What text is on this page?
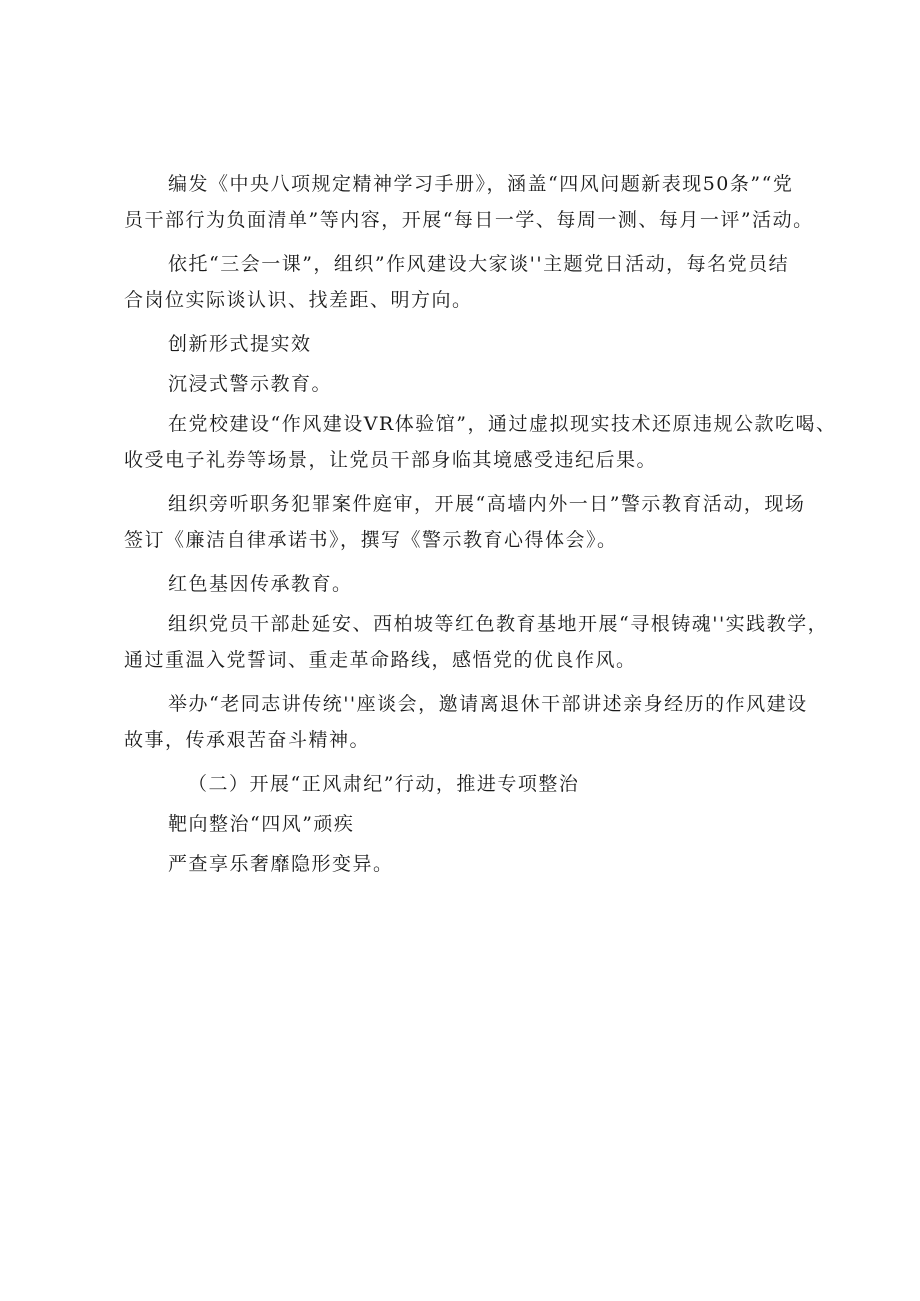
编发《中央八项规定精神学习手册》，涵盖“四风问题新表现50条”“党
员干部行为负面清单”等内容，开展“每日一学、每周一测、每月一评”活动。

依托“三会一课”，组织”作风建设大家谈''主题党日活动，每名党员结
合岗位实际谈认识、找差距、明方向。

创新形式提实效

沉浸式警示教育。

在党校建设“作风建设VR体验馆”，通过虚拟现实技术还原违规公款吃喝、
收受电子礼券等场景，让党员干部身临其境感受违纪后果。

组织旁听职务犯罪案件庭审，开展“高墙内外一日”警示教育活动，现场
签订《廉洁自律承诺书》，撰写《警示教育心得体会》。

红色基因传承教育。

组织党员干部赴延安、西柏坡等红色教育基地开展“寻根铸魂''实践教学，
通过重温入党誓词、重走革命路线，感悟党的优良作风。

举办“老同志讲传统''座谈会，邀请离退休干部讲述亲身经历的作风建设
故事，传承艰苦奋斗精神。

（二）开展“正风肃纪”行动，推进专项整治

靶向整治“四风”顽疾

严查享乐奢靡隐形变异。
